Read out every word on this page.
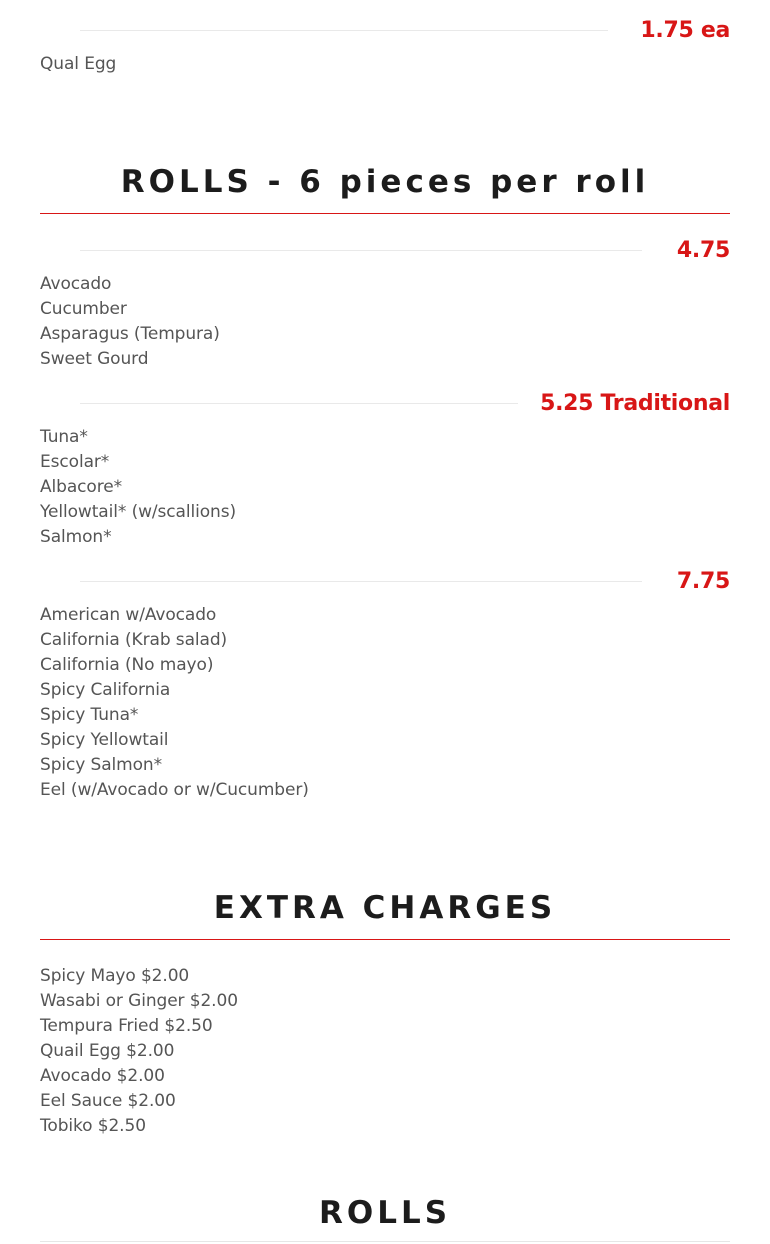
1.75 ea
Qual Egg
ROLLS - 6 pieces per roll
4.75
Avocado
Cucumber
Asparagus (Tempura)
Sweet Gourd
5.25 Traditional
Tuna*
Escolar*
Albacore*
Yellowtail* (w/scallions)
Salmon*
7.75
American w/Avocado
California (Krab salad)
California (No mayo)
Spicy California
Spicy Tuna*
Spicy Yellowtail
Spicy Salmon*
Eel (w/Avocado or w/Cucumber)
EXTRA CHARGES
Spicy Mayo $2.00
Wasabi or Ginger $2.00
Tempura Fried $2.50
Quail Egg $2.00
Avocado $2.00
Eel Sauce $2.00
Tobiko $2.50
ROLLS
